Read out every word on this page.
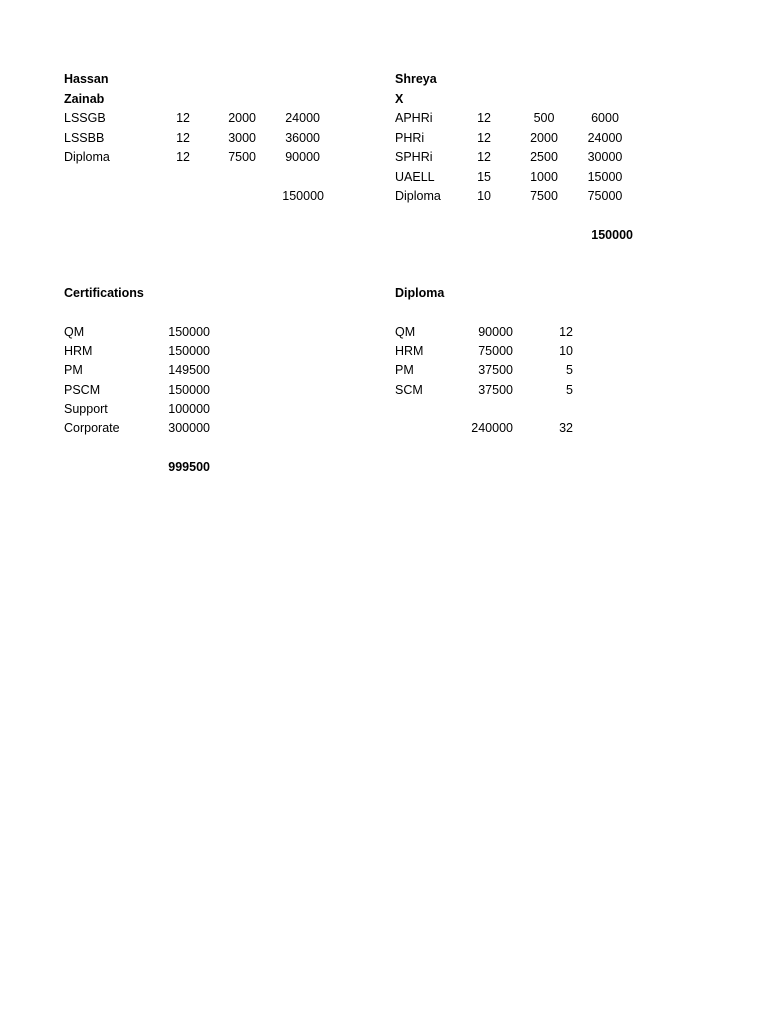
Hassan
Zainab
LSSGB	12	2000	24000
LSSBB	12	3000	36000
Diploma	12	7500	90000
150000
Shreya
X
APHRi	12	500	6000
PHRi	12	2000	24000
SPHRi	12	2500	30000
UAELL	15	1000	15000
Diploma	10	7500	75000
150000
Certifications
QM	150000
HRM	150000
PM	149500
PSCM	150000
Support	100000
Corporate	300000
999500
Diploma
QM	90000	12
HRM	75000	10
PM	37500	5
SCM	37500	5
240000	32
